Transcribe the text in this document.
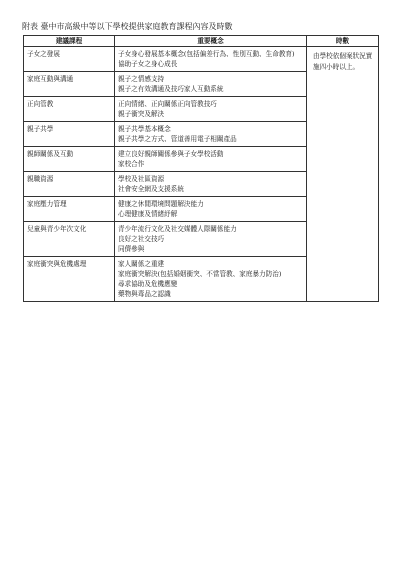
附表 臺中市高級中等以下學校提供家庭教育課程內容及時數
建議課程	重要概念	時數
子女之發展	子女身心發展基本概念(包括偏差行為、性別互動、生命教育)
協助子女之身心成長	由學校依個案狀況實施四小時以上。
家庭互動與溝通	親子之情感支持
親子之有效溝通及技巧家人互動系統	

正向管教	正向情緒、正向關係正向管教技巧
親子衝突及解決	

親子共學	親子共學基本概念
親子共學之方式、管道善用電子相關產品	

親師關係及互動	建立良好親師關係參與子女學校活動
家校合作	

親職資源	學校及社區資源
社會安全網及支援系統	

家庭壓力管理	健康之休閒環境問題解決能力
心理健康及情緒紓解	

兒童與青少年次文化	青少年流行文化及社交媒體人際關係能力
良好之社交技巧
同儕參與	

家庭衝突與危機處理	家人關係之重建
家庭衝突解決(包括婚姻衝突、不當管教、家庭暴力防治)
尋求協助及危機應變
藥物與毒品之認識	
